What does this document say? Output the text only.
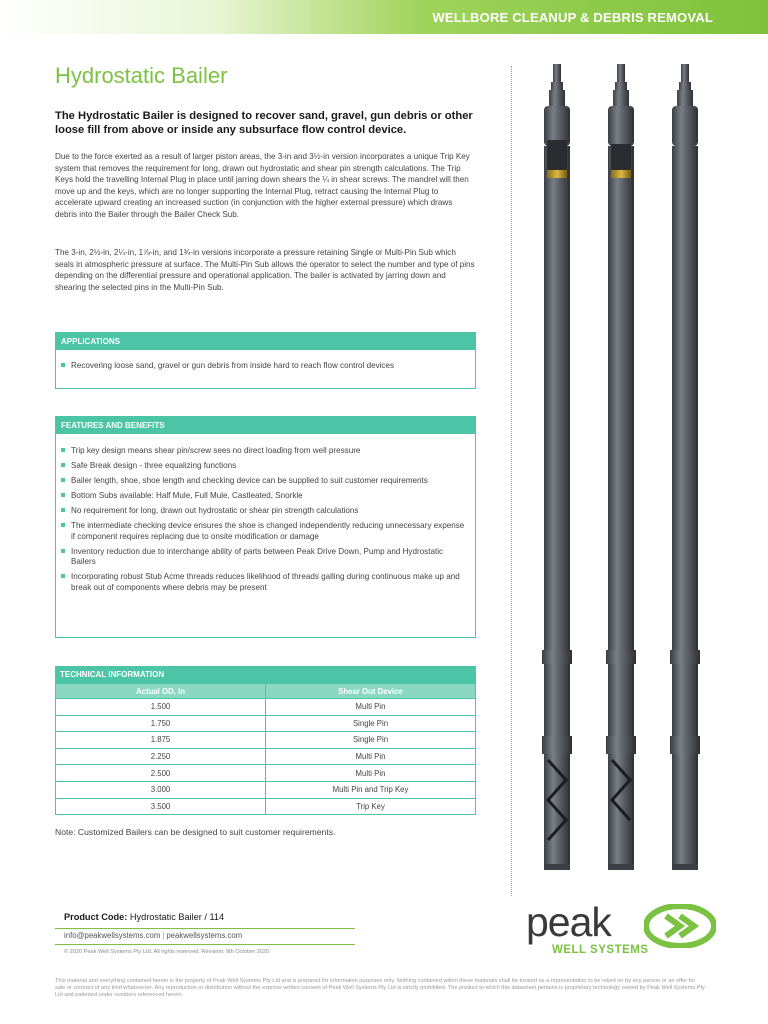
WELLBORE CLEANUP & DEBRIS REMOVAL
Hydrostatic Bailer

The Hydrostatic Bailer is designed to recover sand, gravel, gun debris or other loose fill from above or inside any subsurface flow control device.

Due to the force exerted as a result of larger piston areas, the 3-in and 3½-in version incorporates a unique Trip Key system that removes the requirement for long, drawn out hydrostatic and shear pin strength calculations. The Trip Keys hold the travelling Internal Plug in place until jarring down shears the ¼ in shear screws. The mandrel will then move up and the keys, which are no longer supporting the Internal Plug, retract causing the Internal Plug to accelerate upward creating an increased suction (in conjunction with the higher external pressure) which draws debris into the Bailer through the Bailer Check Sub.

The 3-in, 2½-in, 2¼-in, 1⅞-in, and 1¾-in versions incorporate a pressure retaining Single or Multi-Pin Sub which seals in atmospheric pressure at surface. The Multi-Pin Sub allows the operator to select the number and type of pins depending on the differential pressure and operational application. The bailer is activated by jarring down and shearing the selected pins in the Multi-Pin Sub.

APPLICATIONS
Recovering loose sand, gravel or gun debris from inside hard to reach flow control devices
FEATURES AND BENEFITS
Trip key design means shear pin/screw sees no direct loading from well pressure
Safe Break design - three equalizing functions
Bailer length, shoe, shoe length and checking device can be supplied to suit customer requirements
Bottom Subs available: Half Mule, Full Mule, Castleated, Snorkle
No requirement for long, drawn out hydrostatic or shear pin strength calculations
The intermediate checking device ensures the shoe is changed independently reducing unnecessary expense if component requires replacing due to onsite modification or damage
Inventory reduction due to interchange ability of parts between Peak Drive Down, Pump and Hydrostatic Bailers
Incorporating robust Stub Acme threads reduces likelihood of threads galling during continuous make up and break out of components where debris may be present
TECHNICAL INFORMATION
Actual OD, in	Shear Out Device
1.500	Multi Pin
1.750	Single Pin
1.875	Single Pin
2.250	Multi Pin
2.500	Multi Pin
3.000	Multi Pin and Trip Key
3.500	Trip Key

Note: Customized Bailers can be designed to suit customer requirements.

Product Code: Hydrostatic Bailer / 114
info@peakwellsystems.com | peakwellsystems.com

© 2020 Peak Well Systems Pty Ltd. All rights reserved. Revision: 9th October 2020

This material and everything contained herein is the property of Peak Well Systems Pty Ltd and is prepared for information purposes only. Nothing contained within these materials shall be treated as a representation to be relied on by any person or an offer for sale or contract of any kind whatsoever. Any reproduction or distribution without the express written consent of Peak Well Systems Pty Ltd is strictly prohibited. The product to which this datasheet pertains is proprietary technology owned by Peak Well Systems Pty Ltd and patented under numbers referenced herein.

peak
WELL SYSTEMS
